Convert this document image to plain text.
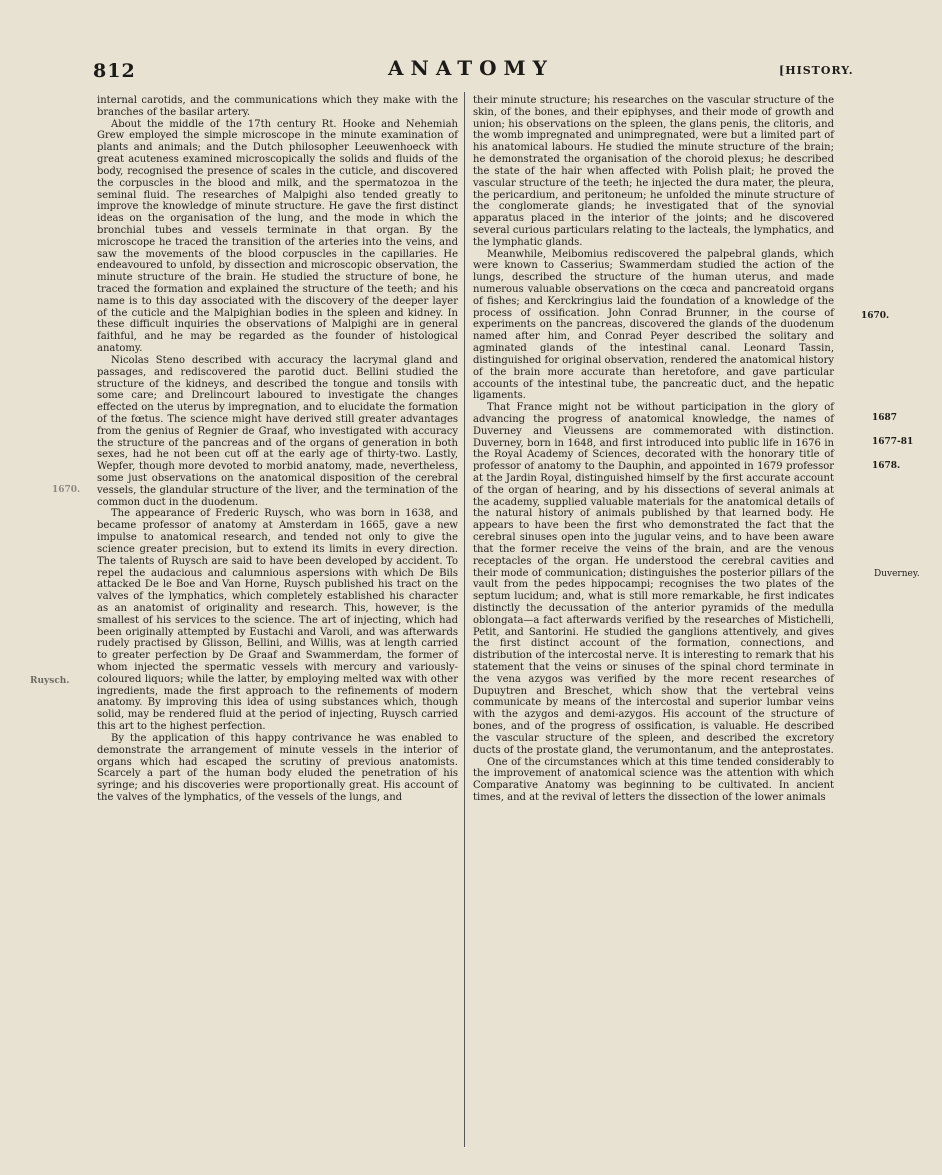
812	ANATOMY	[HISTORY.

internal carotids, and the communications which they make with the branches of the basilar artery.

About the middle of the 17th century Rt. Hooke and Nehemiah Grew employed the simple microscope in the minute examination of plants and animals; and the Dutch philosopher Leeuwenhoeck with great acuteness examined microscopically the solids and fluids of the body, recognised the presence of scales in the cuticle, and discovered the corpuscles in the blood and milk, and the spermatozoa in the seminal fluid. The researches of Malpighi also tended greatly to improve the knowledge of minute structure. He gave the first distinct ideas on the organisation of the lung, and the mode in which the bronchial tubes and vessels terminate in that organ. By the microscope he traced the transition of the arteries into the veins, and saw the movements of the blood corpuscles in the capillaries. He endeavoured to unfold, by dissection and microscopic observation, the minute structure of the brain. He studied the structure of bone, he traced the formation and explained the structure of the teeth; and his name is to this day associated with the discovery of the deeper layer of the cuticle and the Malpighian bodies in the spleen and kidney. In these difficult inquiries the observations of Malpighi are in general faithful, and he may be regarded as the founder of histological anatomy.

Nicolas Steno described with accuracy the lacrymal gland and passages, and rediscovered the parotid duct. Bellini studied the structure of the kidneys, and described the tongue and tonsils with some care; and Drelincourt laboured to investigate the changes effected on the uterus by impregnation, and to elucidate the formation of the fœtus. The science might have derived still greater advantages from the genius of Regnier de Graaf, who investigated with accuracy the structure of the pancreas and of the organs of generation in both sexes, had he not been cut off at the early age of thirty-two. Lastly, Wepfer, though more devoted to morbid anatomy, made, nevertheless, some just observations on the anatomical disposition of the cerebral vessels, the glandular structure of the liver, and the termination of the common duct in the duodenum.

The appearance of Frederic Ruysch, who was born in 1638, and became professor of anatomy at Amsterdam in 1665, gave a new impulse to anatomical research, and tended not only to give the science greater precision, but to extend its limits in every direction. The talents of Ruysch are said to have been developed by accident. To repel the audacious and calumnious aspersions with which De Bils attacked De le Boe and Van Horne, Ruysch published his tract on the valves of the lymphatics, which completely established his character as an anatomist of originality and research. This, however, is the smallest of his services to the science. The art of injecting, which had been originally attempted by Eustachi and Varoli, and was afterwards rudely practised by Glisson, Bellini, and Willis, was at length carried to greater perfection by De Graaf and Swammerdam, the former of whom injected the spermatic vessels with mercury and variously-coloured liquors; while the latter, by employing melted wax with other ingredients, made the first approach to the refinements of modern anatomy. By improving this idea of using substances which, though solid, may be rendered fluid at the period of injecting, Ruysch carried this art to the highest perfection.

By the application of this happy contrivance he was enabled to demonstrate the arrangement of minute vessels in the interior of organs which had escaped the scrutiny of previous anatomists. Scarcely a part of the human body eluded the penetration of his syringe; and his discoveries were proportionally great. His account of the valves of the lymphatics, of the vessels of the lungs, and

their minute structure; his researches on the vascular structure of the skin, of the bones, and their epiphyses, and their mode of growth and union; his observations on the spleen, the glans penis, the clitoris, and the womb impregnated and unimpregnated, were but a limited part of his anatomical labours. He studied the minute structure of the brain; he demonstrated the organisation of the choroid plexus; he described the state of the hair when affected with Polish plait; he proved the vascular structure of the teeth; he injected the dura mater, the pleura, the pericardium, and peritoneum; he unfolded the minute structure of the conglomerate glands; he investigated that of the synovial apparatus placed in the interior of the joints; and he discovered several curious particulars relating to the lacteals, the lymphatics, and the lymphatic glands.

Meanwhile, Meibomius rediscovered the palpebral glands, which were known to Casserius; Swammerdam studied the action of the lungs, described the structure of the human uterus, and made numerous valuable observations on the cœca and pancreatoid organs of fishes; and Kerckringius laid the foundation of a knowledge of the process of ossification. John Conrad Brunner, in the course of experiments on the pancreas, discovered the glands of the duodenum named after him, and Conrad Peyer described the solitary and agminated glands of the intestinal canal. Leonard Tassin, distinguished for original observation, rendered the anatomical history of the brain more accurate than heretofore, and gave particular accounts of the intestinal tube, the pancreatic duct, and the hepatic ligaments.

That France might not be without participation in the glory of advancing the progress of anatomical knowledge, the names of Duverney and Vieussens are commemorated with distinction. Duverney, born in 1648, and first introduced into public life in 1676 in the Royal Academy of Sciences, decorated with the honorary title of professor of anatomy to the Dauphin, and appointed in 1679 professor at the Jardin Royal, distinguished himself by the first accurate account of the organ of hearing, and by his dissections of several animals at the academy, supplied valuable materials for the anatomical details of the natural history of animals published by that learned body. He appears to have been the first who demonstrated the fact that the cerebral sinuses open into the jugular veins, and to have been aware that the former receive the veins of the brain, and are the venous receptacles of the organ. He understood the cerebral cavities and their mode of communication; distinguishes the posterior pillars of the vault from the pedes hippocampi; recognises the two plates of the septum lucidum; and, what is still more remarkable, he first indicates distinctly the decussation of the anterior pyramids of the medulla oblongata—a fact afterwards verified by the researches of Mistichelli, Petit, and Santorini. He studied the ganglions attentively, and gives the first distinct account of the formation, connections, and distribution of the intercostal nerve. It is interesting to remark that his statement that the veins or sinuses of the spinal chord terminate in the vena azygos was verified by the more recent researches of Dupuytren and Breschet, which show that the vertebral veins communicate by means of the intercostal and superior lumbar veins with the azygos and demi-azygos. His account of the structure of bones, and of the progress of ossification, is valuable. He described the vascular structure of the spleen, and described the excretory ducts of the prostate gland, the verumontanum, and the anteprostates.

One of the circumstances which at this time tended considerably to the improvement of anatomical science was the attention with which Comparative Anatomy was beginning to be cultivated. In ancient times, and at the revival of letters the dissection of the lower animals

1670.
Ruysch.
1670.
1687
1677-81
1678.
Duverney.
